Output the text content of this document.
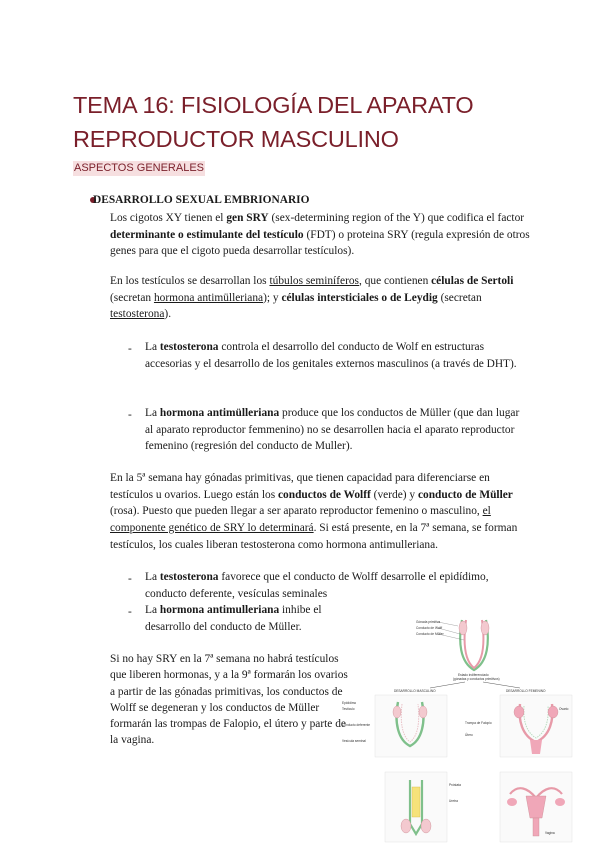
TEMA 16: FISIOLOGÍA DEL APARATO
REPRODUCTOR MASCULINO
ASPECTOS GENERALES
DESARROLLO SEXUAL EMBRIONARIO

Los cigotos XY tienen el gen SRY (sex-determining region of the Y) que codifica el factor determinante o estimulante del testículo (FDT) o proteina SRY (regula expresión de otros genes para que el cigoto pueda desarrollar testículos).

En los testículos se desarrollan los túbulos seminíferos, que contienen células de Sertoli (secretan hormona antimülleriana); y células intersticiales o de Leydig (secretan testosterona).

- La testosterona controla el desarrollo del conducto de Wolf en estructuras accesorias y el desarrollo de los genitales externos masculinos (a través de DHT).

- La hormona antimülleriana produce que los conductos de Müller (que dan lugar al aparato reproductor femmenino) no se desarrollen hacia el aparato reproductor femenino (regresión del conducto de Muller).

En la 5ª semana hay gónadas primitivas, que tienen capacidad para diferenciarse en testículos u ovarios. Luego están los conductos de Wolff (verde) y conducto de Müller (rosa). Puesto que pueden llegar a ser aparato reproductor femenino o masculino, el componente genético de SRY lo determinará. Si está presente, en la 7ª semana, se forman testículos, los cuales liberan testosterona como hormona antimulleriana.

- La testosterona favorece que el conducto de Wolff desarrolle el epidídimo, conducto deferente, vesículas seminales

- La hormona antimulleriana inhibe el desarrollo del conducto de Müller.

Si no hay SRY en la 7ª semana no habrá testículos que liberen hormonas, y a la 9ª formarán los ovarios a partir de las gónadas primitivas, los conductos de Wolff se degeneran y los conductos de Müller formarán las trompas de Falopio, el útero y parte de la vagina.

Gónada primitiva
Conducto de Wolff
Conducto de Müller
Estado indiferenciado
(gónadas y conductos primitivos)
DESARROLLO MASCULINO	DESARROLLO FEMENINO
Epidídimo
Testículo
Conducto deferente
Vesícula seminal
Ovario
Trompa de Falopio
Útero
Próstata
Uretra
Vagina
